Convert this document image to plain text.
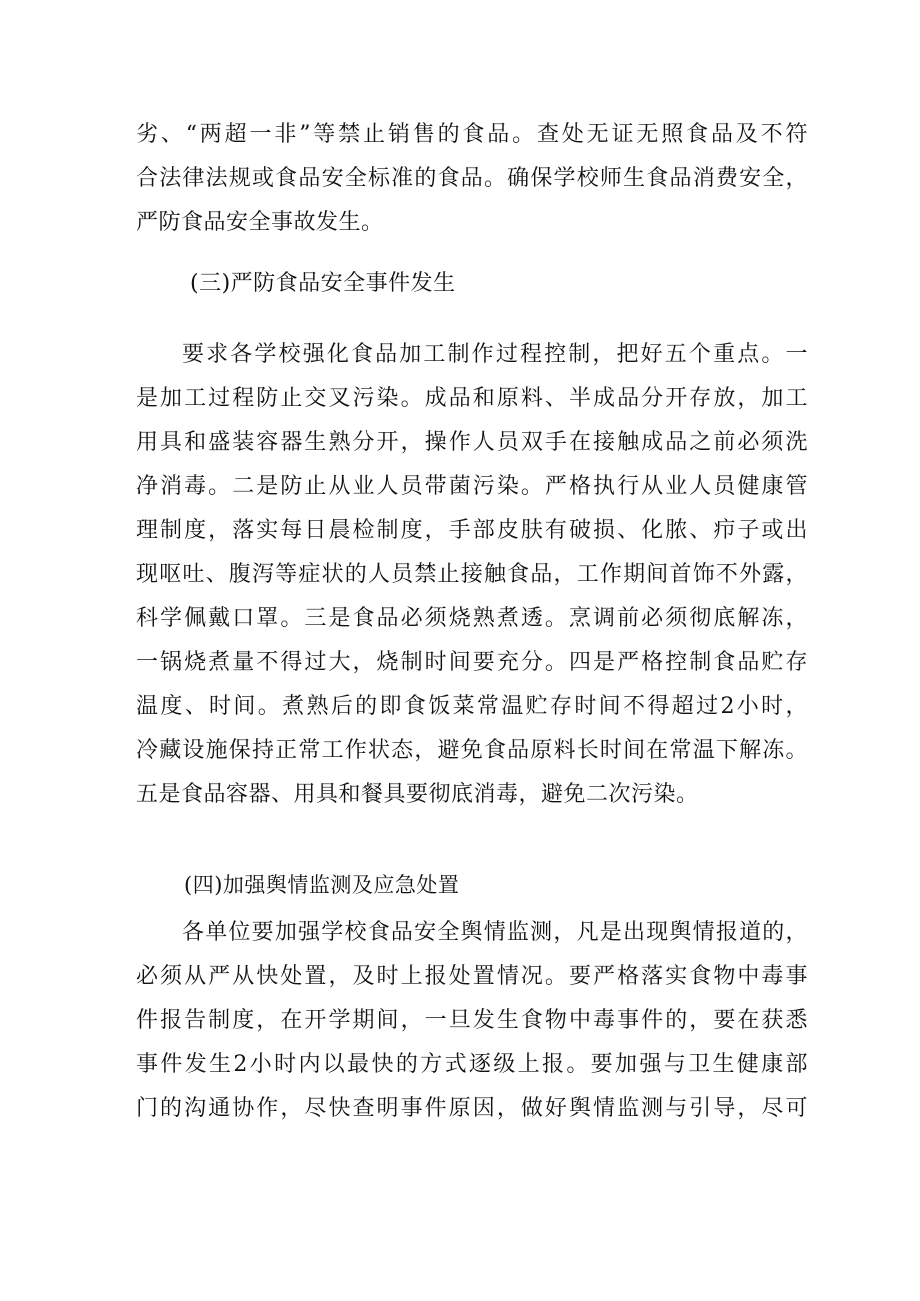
劣、“两超一非”等禁止销售的食品。查处无证无照食品及不符
合法律法规或食品安全标准的食品。确保学校师生食品消费安全，
严防食品安全事故发生。
(三)严防食品安全事件发生
要求各学校强化食品加工制作过程控制，把好五个重点。一
是加工过程防止交叉污染。成品和原料、半成品分开存放，加工
用具和盛装容器生熟分开，操作人员双手在接触成品之前必须洗
净消毒。二是防止从业人员带菌污染。严格执行从业人员健康管
理制度，落实每日晨检制度，手部皮肤有破损、化脓、疖子或出
现呕吐、腹泻等症状的人员禁止接触食品，工作期间首饰不外露，
科学佩戴口罩。三是食品必须烧熟煮透。烹调前必须彻底解冻，
一锅烧煮量不得过大，烧制时间要充分。四是严格控制食品贮存
温度、时间。煮熟后的即食饭菜常温贮存时间不得超过2小时，
冷藏设施保持正常工作状态，避免食品原料长时间在常温下解冻。
五是食品容器、用具和餐具要彻底消毒，避免二次污染。
(四)加强舆情监测及应急处置
各单位要加强学校食品安全舆情监测，凡是出现舆情报道的，
必须从严从快处置，及时上报处置情况。要严格落实食物中毒事
件报告制度，在开学期间，一旦发生食物中毒事件的，要在获悉
事件发生2小时内以最快的方式逐级上报。要加强与卫生健康部
门的沟通协作，尽快查明事件原因，做好舆情监测与引导，尽可
